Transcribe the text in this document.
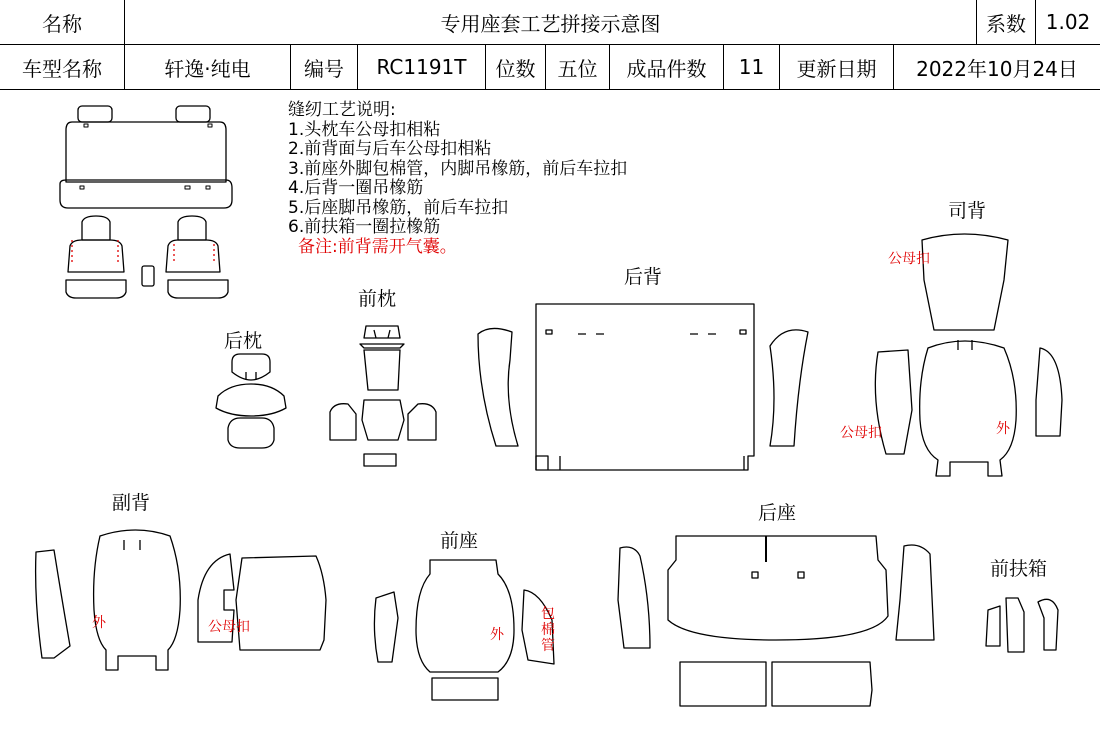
名称	专用座套工艺拼接示意图	系数 1.02
车型名称	轩逸·纯电	编号 RC1191T 位数 五位 成品件数 11 更新日期 2022年10月24日
缝纫工艺说明:
1.头枕车公母扣相粘
2.前背面与后车公母扣相粘
3.前座外脚包棉管，内脚吊橡筋，前后车拉扣
4.后背一圈吊橡筋
5.后座脚吊橡筋，前后车拉扣
6.前扶箱一圈拉橡筋
备注:前背需开气囊。
后枕
前枕
后背
司背
副背
前座
后座
前扶箱
公母扣
公母扣	外
外	公母扣	外
包棉管
